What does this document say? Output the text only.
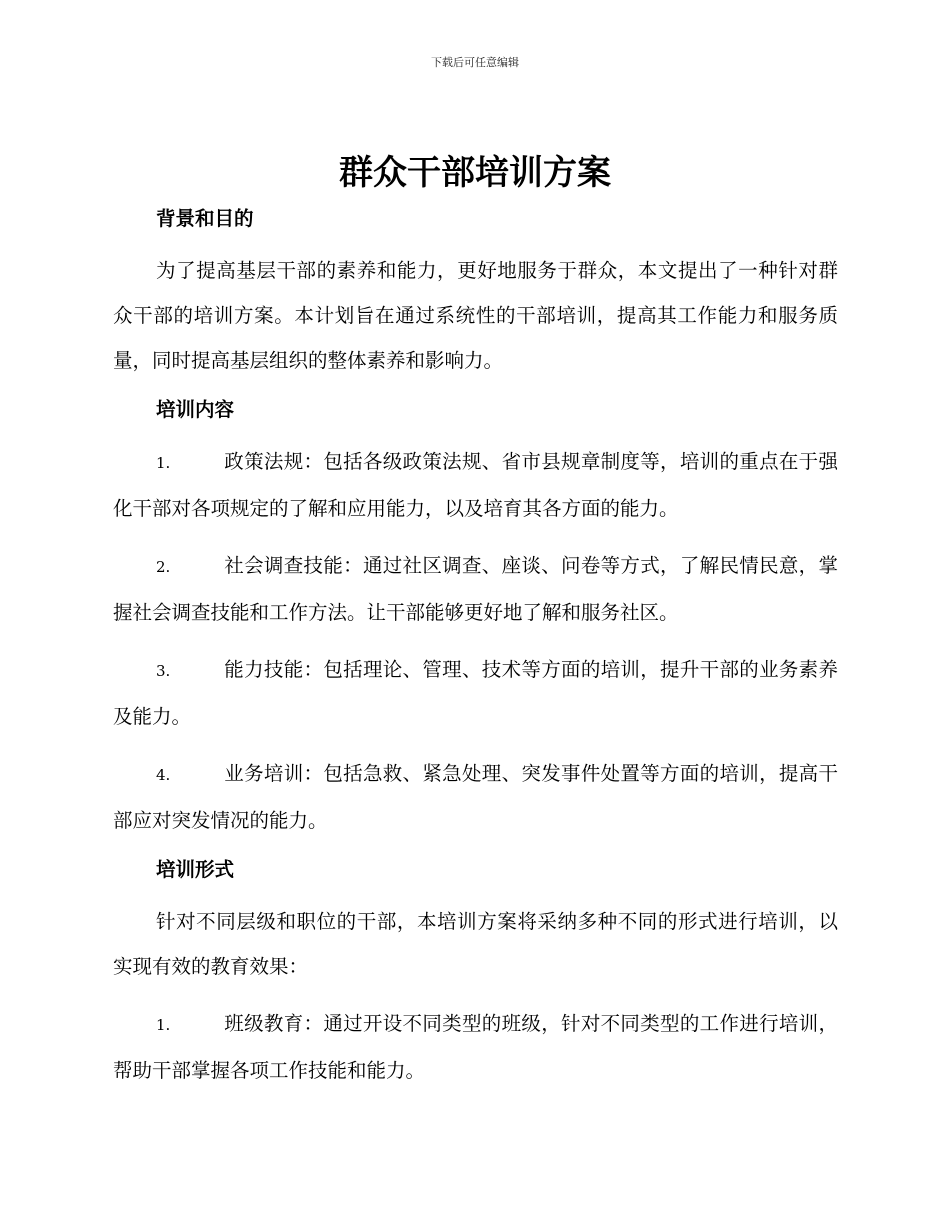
下载后可任意编辑
群众干部培训方案
背景和目的
为了提高基层干部的素养和能力，更好地服务于群众，本文提出了一种针对群众干部的培训方案。本计划旨在通过系统性的干部培训，提高其工作能力和服务质量，同时提高基层组织的整体素养和影响力。
培训内容
1.	政策法规：包括各级政策法规、省市县规章制度等，培训的重点在于强化干部对各项规定的了解和应用能力，以及培育其各方面的能力。
2.	社会调查技能：通过社区调查、座谈、问卷等方式，了解民情民意，掌握社会调查技能和工作方法。让干部能够更好地了解和服务社区。
3.	能力技能：包括理论、管理、技术等方面的培训，提升干部的业务素养及能力。
4.	业务培训：包括急救、紧急处理、突发事件处置等方面的培训，提高干部应对突发情况的能力。
培训形式
针对不同层级和职位的干部，本培训方案将采纳多种不同的形式进行培训，以实现有效的教育效果：
1.	班级教育：通过开设不同类型的班级，针对不同类型的工作进行培训，帮助干部掌握各项工作技能和能力。
